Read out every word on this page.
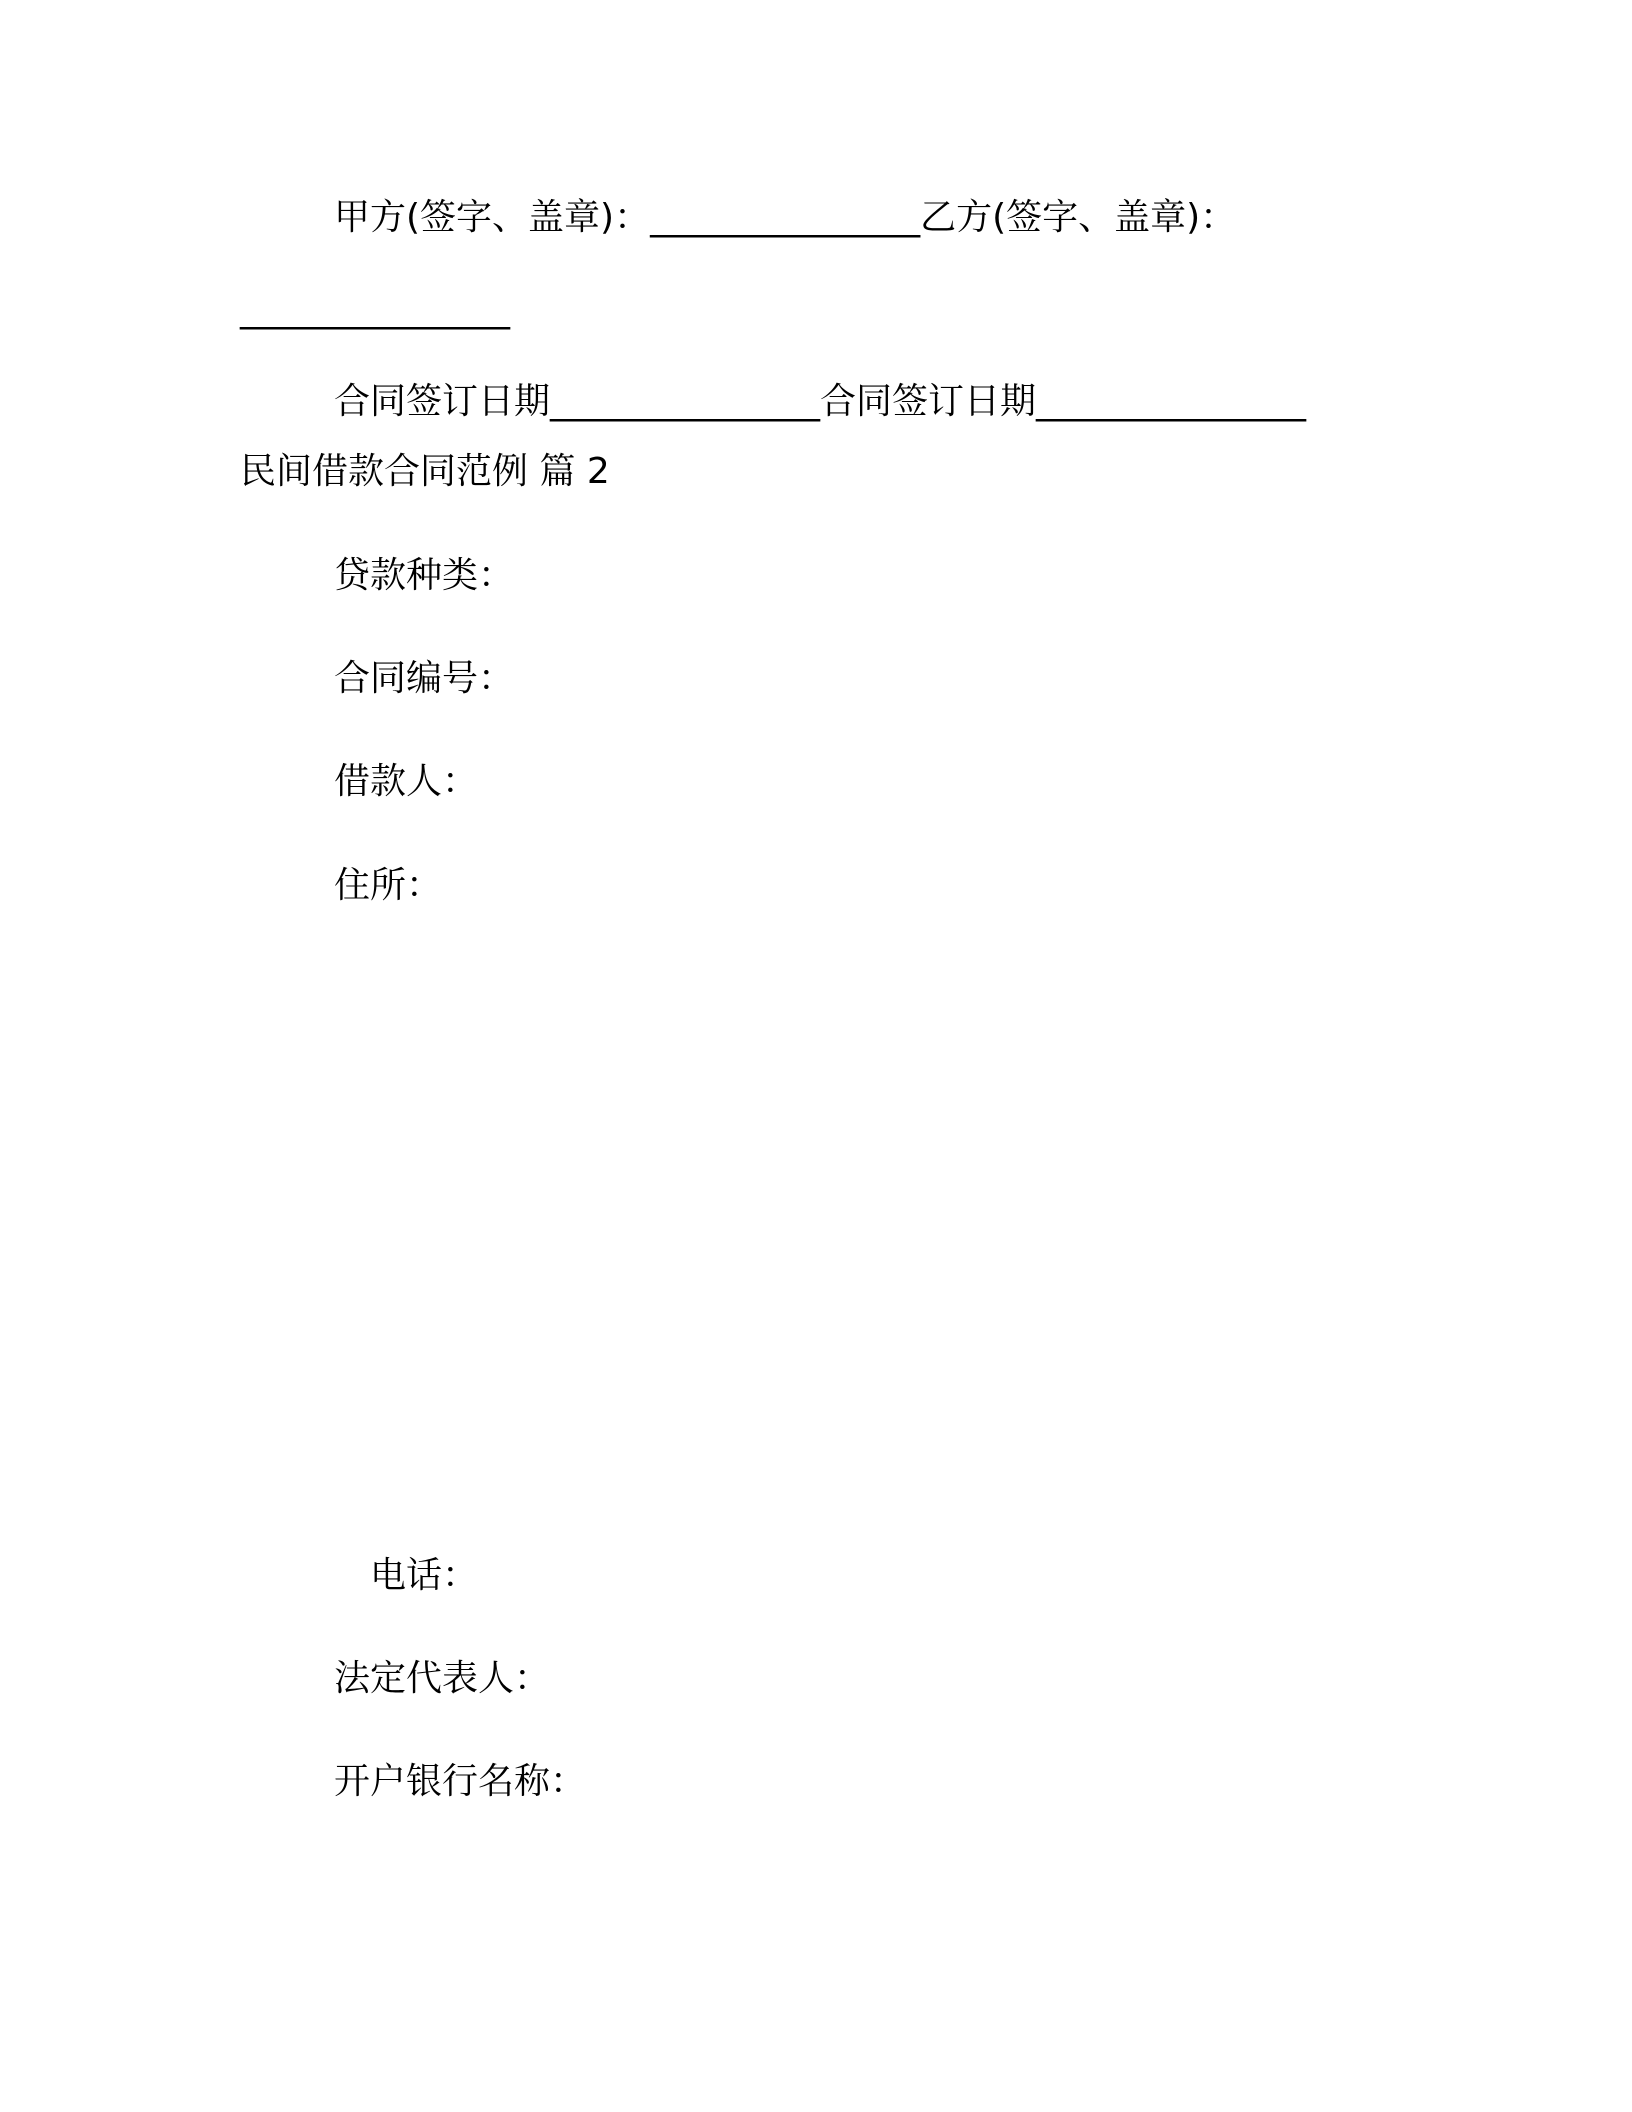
甲方(签字、盖章)：_______________乙方(签字、盖章)：
_______________
合同签订日期_______________合同签订日期_______________
民间借款合同范例 篇 2
贷款种类：
合同编号：
借款人：
住所：
电话：
法定代表人：
开户银行名称：
